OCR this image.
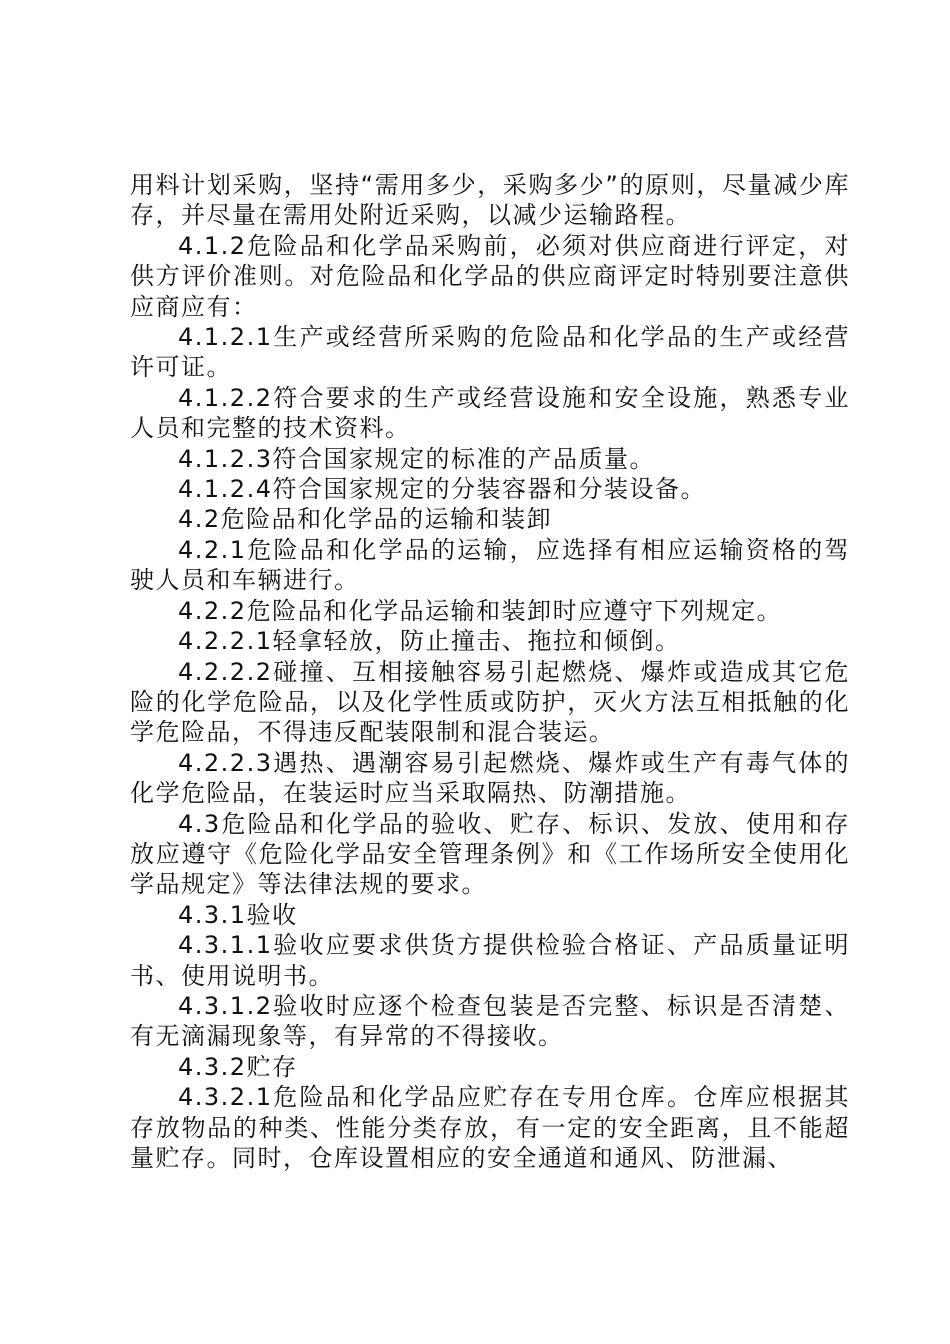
用料计划采购，坚持“需用多少，采购多少”的原则，尽量减少库存，并尽量在需用处附近采购，以减少运输路程。

4.1.2危险品和化学品采购前，必须对供应商进行评定，对供方评价准则。对危险品和化学品的供应商评定时特别要注意供应商应有：

4.1.2.1生产或经营所采购的危险品和化学品的生产或经营许可证。

4.1.2.2符合要求的生产或经营设施和安全设施，熟悉专业人员和完整的技术资料。

4.1.2.3符合国家规定的标准的产品质量。

4.1.2.4符合国家规定的分装容器和分装设备。

4.2危险品和化学品的运输和装卸

4.2.1危险品和化学品的运输，应选择有相应运输资格的驾驶人员和车辆进行。

4.2.2危险品和化学品运输和装卸时应遵守下列规定。

4.2.2.1轻拿轻放，防止撞击、拖拉和倾倒。

4.2.2.2碰撞、互相接触容易引起燃烧、爆炸或造成其它危险的化学危险品，以及化学性质或防护，灭火方法互相抵触的化学危险品，不得违反配装限制和混合装运。

4.2.2.3遇热、遇潮容易引起燃烧、爆炸或生产有毒气体的化学危险品，在装运时应当采取隔热、防潮措施。

4.3危险品和化学品的验收、贮存、标识、发放、使用和存放应遵守《危险化学品安全管理条例》和《工作场所安全使用化学品规定》等法律法规的要求。

4.3.1验收

4.3.1.1验收应要求供货方提供检验合格证、产品质量证明书、使用说明书。

4.3.1.2验收时应逐个检查包装是否完整、标识是否清楚、有无滴漏现象等，有异常的不得接收。

4.3.2贮存

4.3.2.1危险品和化学品应贮存在专用仓库。仓库应根据其存放物品的种类、性能分类存放，有一定的安全距离，且不能超量贮存。同时，仓库设置相应的安全通道和通风、防泄漏、
